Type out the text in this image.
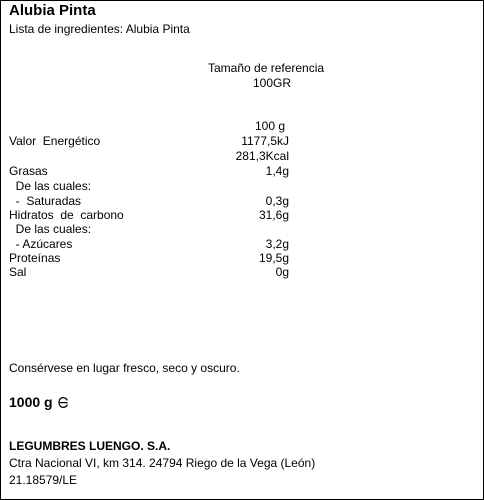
Alubia Pinta
Lista de ingredientes: Alubia Pinta
Tamaño de referencia
100GR
100 g
Valor  Energético	1177,5kJ
281,3Kcal
Grasas	1,4g
De las cuales:
-  Saturadas	0,3g
Hidratos  de  carbono	31,6g
De las cuales:
- Azúcares	3,2g
Proteínas	19,5g
Sal	0g
Consérvese en lugar fresco, seco y oscuro.
1000 g
LEGUMBRES LUENGO. S.A.
Ctra Nacional VI, km 314. 24794 Riego de la Vega (León)
21.18579/LE
